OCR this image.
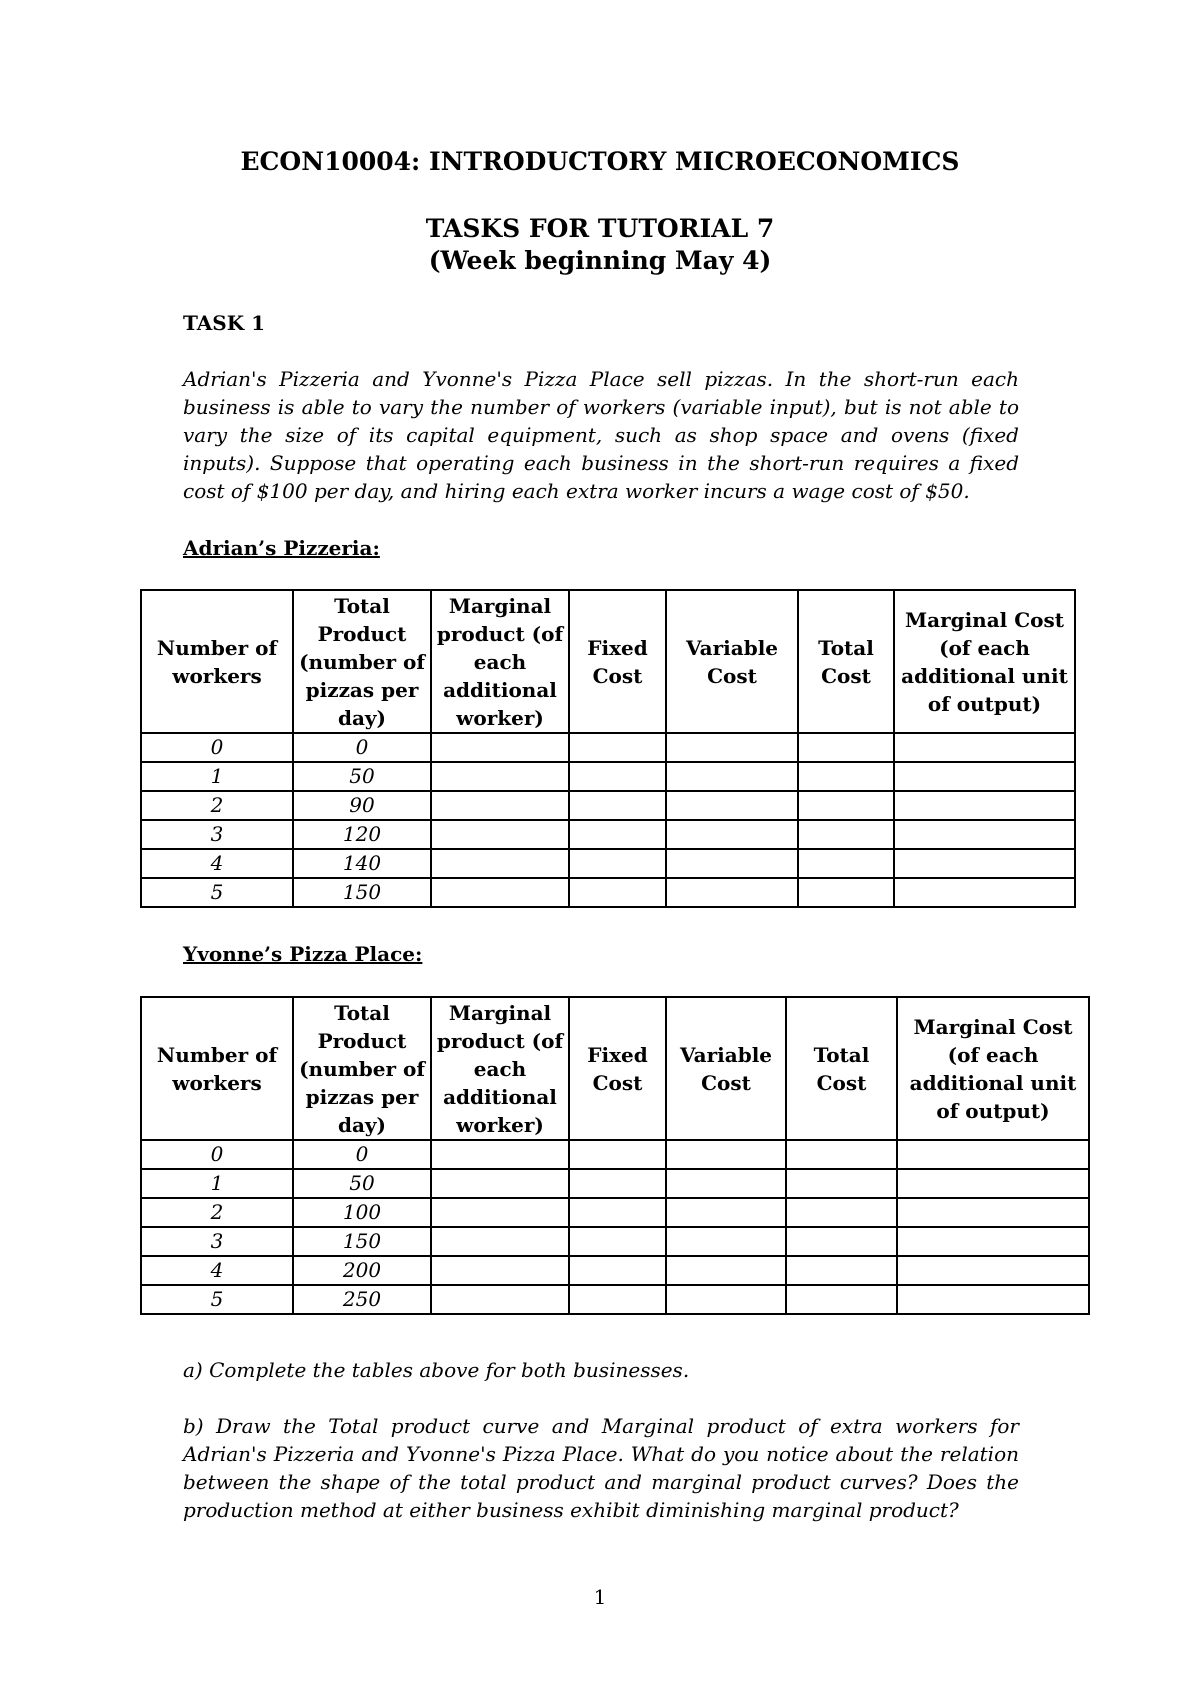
ECON10004: INTRODUCTORY MICROECONOMICS
TASKS FOR TUTORIAL 7
(Week beginning May 4)
TASK 1
Adrian's Pizzeria and Yvonne's Pizza Place sell pizzas. In the short-run each business is able to vary the number of workers (variable input), but is not able to vary the size of its capital equipment, such as shop space and ovens (fixed inputs). Suppose that operating each business in the short-run requires a fixed cost of $100 per day, and hiring each extra worker incurs a wage cost of $50.
Adrian’s Pizzeria:
Number of workers	Total Product (number of pizzas per day)	Marginal product (of each additional worker)	Fixed Cost	Variable Cost	Total Cost	Marginal Cost (of each additional unit of output)
0	0					
1	50					
2	90					
3	120					
4	140					
5	150					
Yvonne’s Pizza Place:
Number of workers	Total Product (number of pizzas per day)	Marginal product (of each additional worker)	Fixed Cost	Variable Cost	Total Cost	Marginal Cost (of each additional unit of output)
0	0					
1	50					
2	100					
3	150					
4	200					
5	250					
a) Complete the tables above for both businesses.
b) Draw the Total product curve and Marginal product of extra workers for Adrian's Pizzeria and Yvonne's Pizza Place. What do you notice about the relation between the shape of the total product and marginal product curves? Does the production method at either business exhibit diminishing marginal product?
1
